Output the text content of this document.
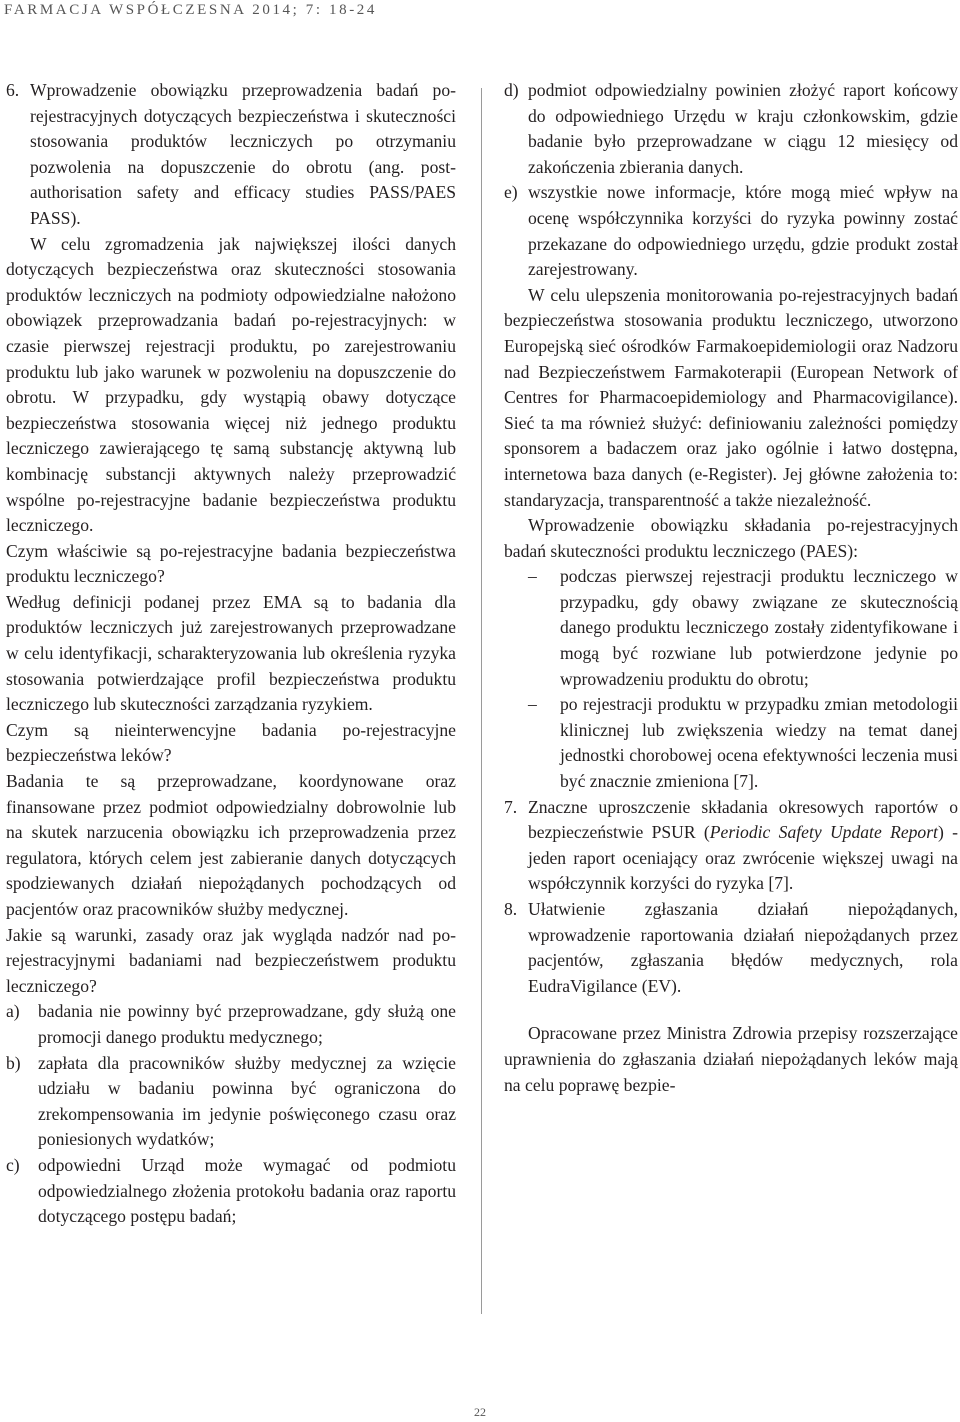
FARMACJA WSPÓŁCZESNA 2014; 7: 18-24

6. Wprowadzenie obowiązku przeprowadzenia badań po-rejestracyjnych dotyczących bezpieczeństwa i skuteczności stosowania produktów leczniczych po otrzymaniu pozwolenia na dopuszczenie do obrotu (ang. post-authorisation safety and efficacy studies PASS/PAES PASS).

W celu zgromadzenia jak największej ilości danych dotyczących bezpieczeństwa oraz skuteczności stosowania produktów leczniczych na podmioty odpowiedzialne nałożono obowiązek przeprowadzania badań po-rejestracyjnych: w czasie pierwszej rejestracji produktu, po zarejestrowaniu produktu lub jako warunek w pozwoleniu na dopuszczenie do obrotu. W przypadku, gdy wystąpią obawy dotyczące bezpieczeństwa stosowania więcej niż jednego produktu leczniczego zawierającego tę samą substancję aktywną lub kombinację substancji aktywnych należy przeprowadzić wspólne po-rejestracyjne badanie bezpieczeństwa produktu leczniczego.

Czym właściwie są po-rejestracyjne badania bezpieczeństwa produktu leczniczego?

Według definicji podanej przez EMA są to badania dla produktów leczniczych już zarejestrowanych przeprowadzane w celu identyfikacji, scharakteryzowania lub określenia ryzyka stosowania potwierdzające profil bezpieczeństwa produktu leczniczego lub skuteczności zarządzania ryzykiem.

Czym są nieinterwencyjne badania po-rejestracyjne bezpieczeństwa leków?

Badania te są przeprowadzane, koordynowane oraz finansowane przez podmiot odpowiedzialny dobrowolnie lub na skutek narzucenia obowiązku ich przeprowadzenia przez regulatora, których celem jest zabieranie danych dotyczących spodziewanych działań niepożądanych pochodzących od pacjentów oraz pracowników służby medycznej.

Jakie są warunki, zasady oraz jak wygląda nadzór nad po-rejestracyjnymi badaniami nad bezpieczeństwem produktu leczniczego?

a) badania nie powinny być przeprowadzane, gdy służą one promocji danego produktu medycznego;

b) zapłata dla pracowników służby medycznej za wzięcie udziału w badaniu powinna być ograniczona do zrekompensowania im jedynie poświęconego czasu oraz poniesionych wydatków;

c) odpowiedni Urząd może wymagać od podmiotu odpowiedzialnego złożenia protokołu badania oraz raportu dotyczącego postępu badań;

d) podmiot odpowiedzialny powinien złożyć raport końcowy do odpowiedniego Urzędu w kraju członkowskim, gdzie badanie było przeprowadzane w ciągu 12 miesięcy od zakończenia zbierania danych.

e) wszystkie nowe informacje, które mogą mieć wpływ na ocenę współczynnika korzyści do ryzyka powinny zostać przekazane do odpowiedniego urzędu, gdzie produkt został zarejestrowany.

W celu ulepszenia monitorowania po-rejestracyjnych badań bezpieczeństwa stosowania produktu leczniczego, utworzono Europejską sieć ośrodków Farmakoepidemiologii oraz Nadzoru nad Bezpieczeństwem Farmakoterapii (European Network of Centres for Pharmacoepidemiology and Pharmacovigilance). Sieć ta ma również służyć: definiowaniu zależności pomiędzy sponsorem a badaczem oraz jako ogólnie i łatwo dostępna, internetowa baza danych (e-Register). Jej główne założenia to: standaryzacja, transparentność a także niezależność.

Wprowadzenie obowiązku składania po-rejestracyjnych badań skuteczności produktu leczniczego (PAES):

– podczas pierwszej rejestracji produktu leczniczego w przypadku, gdy obawy związane ze skutecznością danego produktu leczniczego zostały zidentyfikowane i mogą być rozwiane lub potwierdzone jedynie po wprowadzeniu produktu do obrotu;

– po rejestracji produktu w przypadku zmian metodologii klinicznej lub zwiększenia wiedzy na temat danej jednostki chorobowej ocena efektywności leczenia musi być znacznie zmieniona [7].

7. Znaczne uproszczenie składania okresowych raportów o bezpieczeństwie PSUR (Periodic Safety Update Report) - jeden raport oceniający oraz zwrócenie większej uwagi na współczynnik korzyści do ryzyka [7].

8. Ułatwienie zgłaszania działań niepożądanych, wprowadzenie raportowania działań niepożądanych przez pacjentów, zgłaszania błędów medycznych, rola EudraVigilance (EV).

Opracowane przez Ministra Zdrowia przepisy rozszerzające uprawnienia do zgłaszania działań niepożądanych leków mają na celu poprawę bezpie-

22
